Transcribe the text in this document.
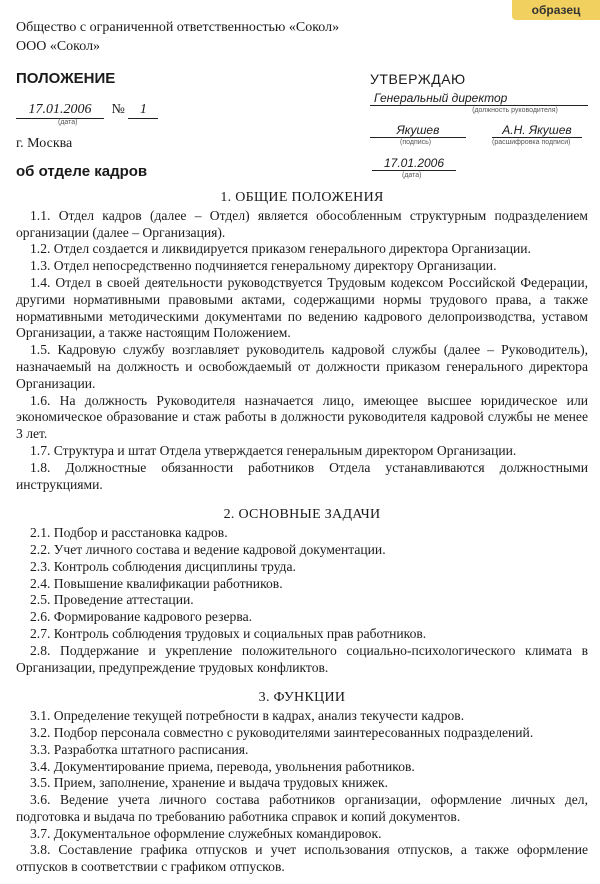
образец
Общество с ограниченной ответственностью «Сокол»
ООО «Сокол»
ПОЛОЖЕНИЕ
17.01.2006 № 1
(дата)
г. Москва
об отделе кадров
УТВЕРЖДАЮ
Генеральный директор
(должность руководителя)
Якушев	А.Н. Якушев
(подпись)	(расшифровка подписи)
17.01.2006
(дата)
1. ОБЩИЕ ПОЛОЖЕНИЯ

1.1. Отдел кадров (далее – Отдел) является обособленным структурным подразделением организации (далее – Организация).

1.2. Отдел создается и ликвидируется приказом генерального директора Организации.

1.3. Отдел непосредственно подчиняется генеральному директору Организации.

1.4. Отдел в своей деятельности руководствуется Трудовым кодексом Российской Федерации, другими нормативными правовыми актами, содержащими нормы трудового права, а также нормативными методическими документами по ведению кадрового делопроизводства, уставом Организации, а также настоящим Положением.

1.5. Кадровую службу возглавляет руководитель кадровой службы (далее – Руководитель), назначаемый на должность и освобождаемый от должности приказом генерального директора Организации.

1.6. На должность Руководителя назначается лицо, имеющее высшее юридическое или экономическое образование и стаж работы в должности руководителя кадровой службы не менее 3 лет.

1.7. Структура и штат Отдела утверждается генеральным директором Организации.

1.8. Должностные обязанности работников Отдела устанавливаются должностными инструкциями.

2. ОСНОВНЫЕ ЗАДАЧИ

2.1. Подбор и расстановка кадров.

2.2. Учет личного состава и ведение кадровой документации.

2.3. Контроль соблюдения дисциплины труда.

2.4. Повышение квалификации работников.

2.5. Проведение аттестации.

2.6. Формирование кадрового резерва.

2.7. Контроль соблюдения трудовых и социальных прав работников.

2.8. Поддержание и укрепление положительного социально-психологического климата в Организации, предупреждение трудовых конфликтов.

3. ФУНКЦИИ

3.1. Определение текущей потребности в кадрах, анализ текучести кадров.

3.2. Подбор персонала совместно с руководителями заинтересованных подразделений.

3.3. Разработка штатного расписания.

3.4. Документирование приема, перевода, увольнения работников.

3.5. Прием, заполнение, хранение и выдача трудовых книжек.

3.6. Ведение учета личного состава работников организации, оформление личных дел, подготовка и выдача по требованию работника справок и копий документов.

3.7. Документальное оформление служебных командировок.

3.8. Составление графика отпусков и учет использования отпусков, а также оформление отпусков в соответствии с графиком отпусков.
